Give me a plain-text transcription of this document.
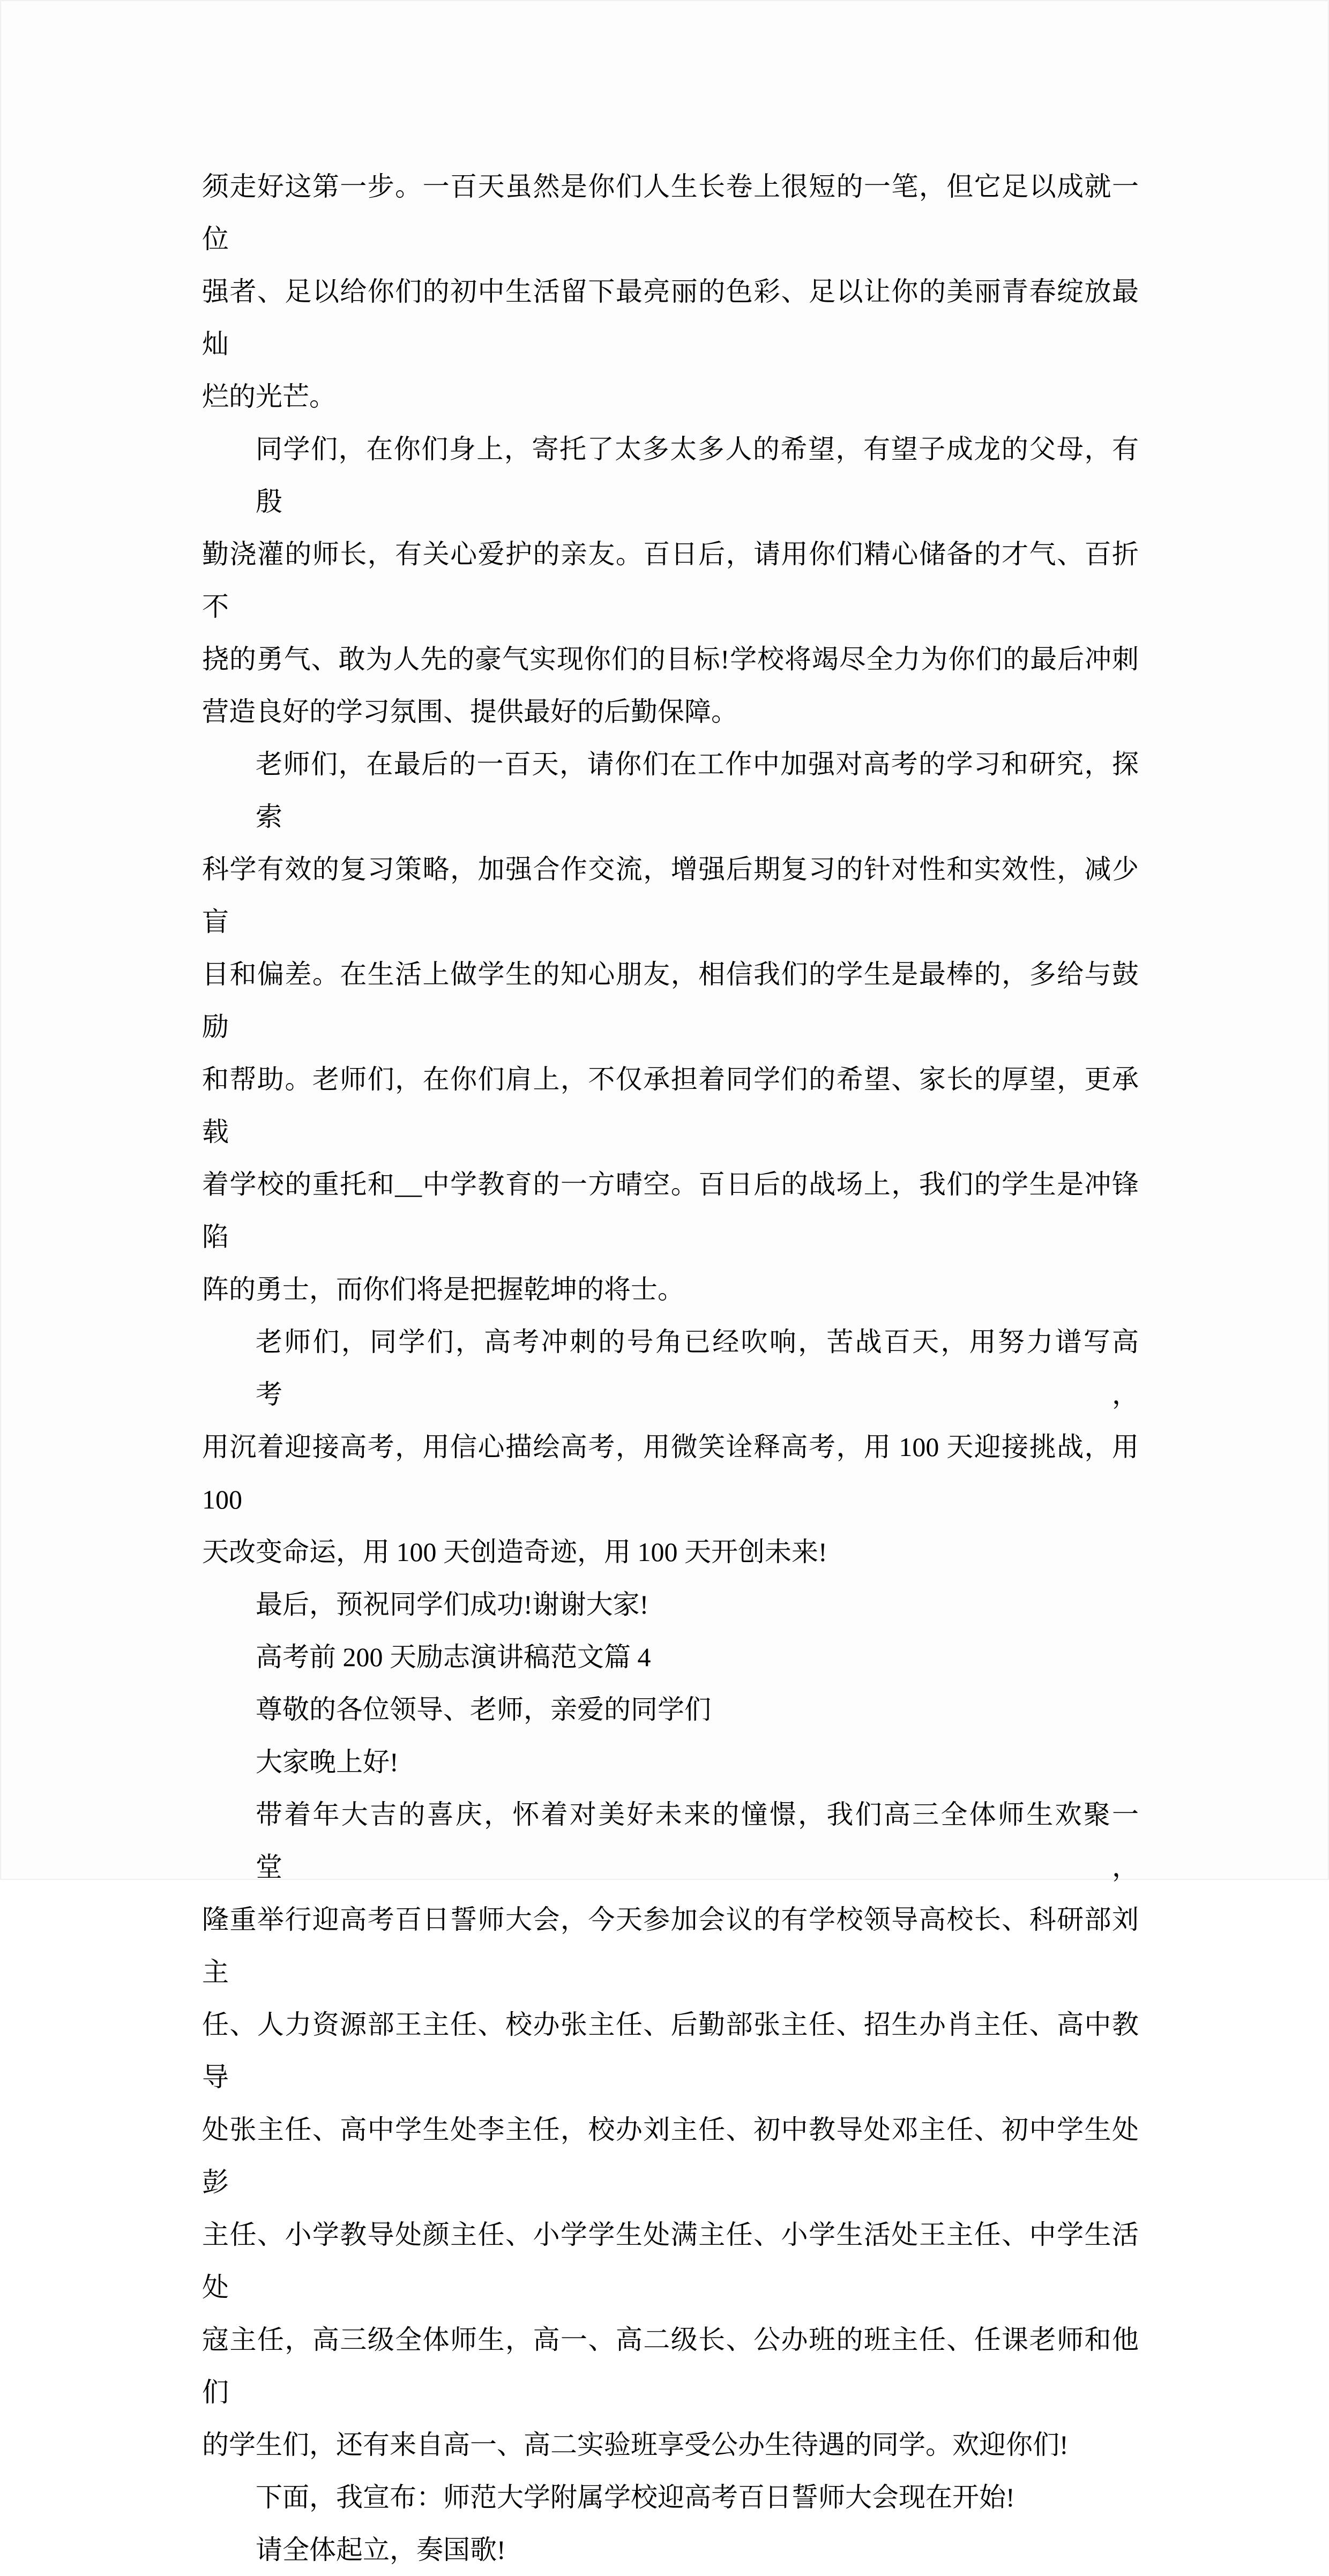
须走好这第一步。一百天虽然是你们人生长卷上很短的一笔，但它足以成就一位
强者、足以给你们的初中生活留下最亮丽的色彩、足以让你的美丽青春绽放最灿
烂的光芒。
同学们，在你们身上，寄托了太多太多人的希望，有望子成龙的父母，有殷
勤浇灌的师长，有关心爱护的亲友。百日后，请用你们精心储备的才气、百折不
挠的勇气、敢为人先的豪气实现你们的目标!学校将竭尽全力为你们的最后冲刺
营造良好的学习氛围、提供最好的后勤保障。
老师们，在最后的一百天，请你们在工作中加强对高考的学习和研究，探索
科学有效的复习策略，加强合作交流，增强后期复习的针对性和实效性，减少盲
目和偏差。在生活上做学生的知心朋友，相信我们的学生是最棒的，多给与鼓励
和帮助。老师们，在你们肩上，不仅承担着同学们的希望、家长的厚望，更承载
着学校的重托和__中学教育的一方晴空。百日后的战场上，我们的学生是冲锋陷
阵的勇士，而你们将是把握乾坤的将士。
老师们，同学们，高考冲刺的号角已经吹响，苦战百天，用努力谱写高考，
用沉着迎接高考，用信心描绘高考，用微笑诠释高考，用 100 天迎接挑战，用 100
天改变命运，用 100 天创造奇迹，用 100 天开创未来!
最后，预祝同学们成功!谢谢大家!
高考前 200 天励志演讲稿范文篇 4
尊敬的各位领导、老师，亲爱的同学们
大家晚上好!
带着年大吉的喜庆，怀着对美好未来的憧憬，我们高三全体师生欢聚一堂，
隆重举行迎高考百日誓师大会，今天参加会议的有学校领导高校长、科研部刘主
任、人力资源部王主任、校办张主任、后勤部张主任、招生办肖主任、高中教导
处张主任、高中学生处李主任，校办刘主任、初中教导处邓主任、初中学生处彭
主任、小学教导处颜主任、小学学生处满主任、小学生活处王主任、中学生活处
寇主任，高三级全体师生，高一、高二级长、公办班的班主任、任课老师和他们
的学生们，还有来自高一、高二实验班享受公办生待遇的同学。欢迎你们!
下面，我宣布：师范大学附属学校迎高考百日誓师大会现在开始!
请全体起立，奏国歌!
